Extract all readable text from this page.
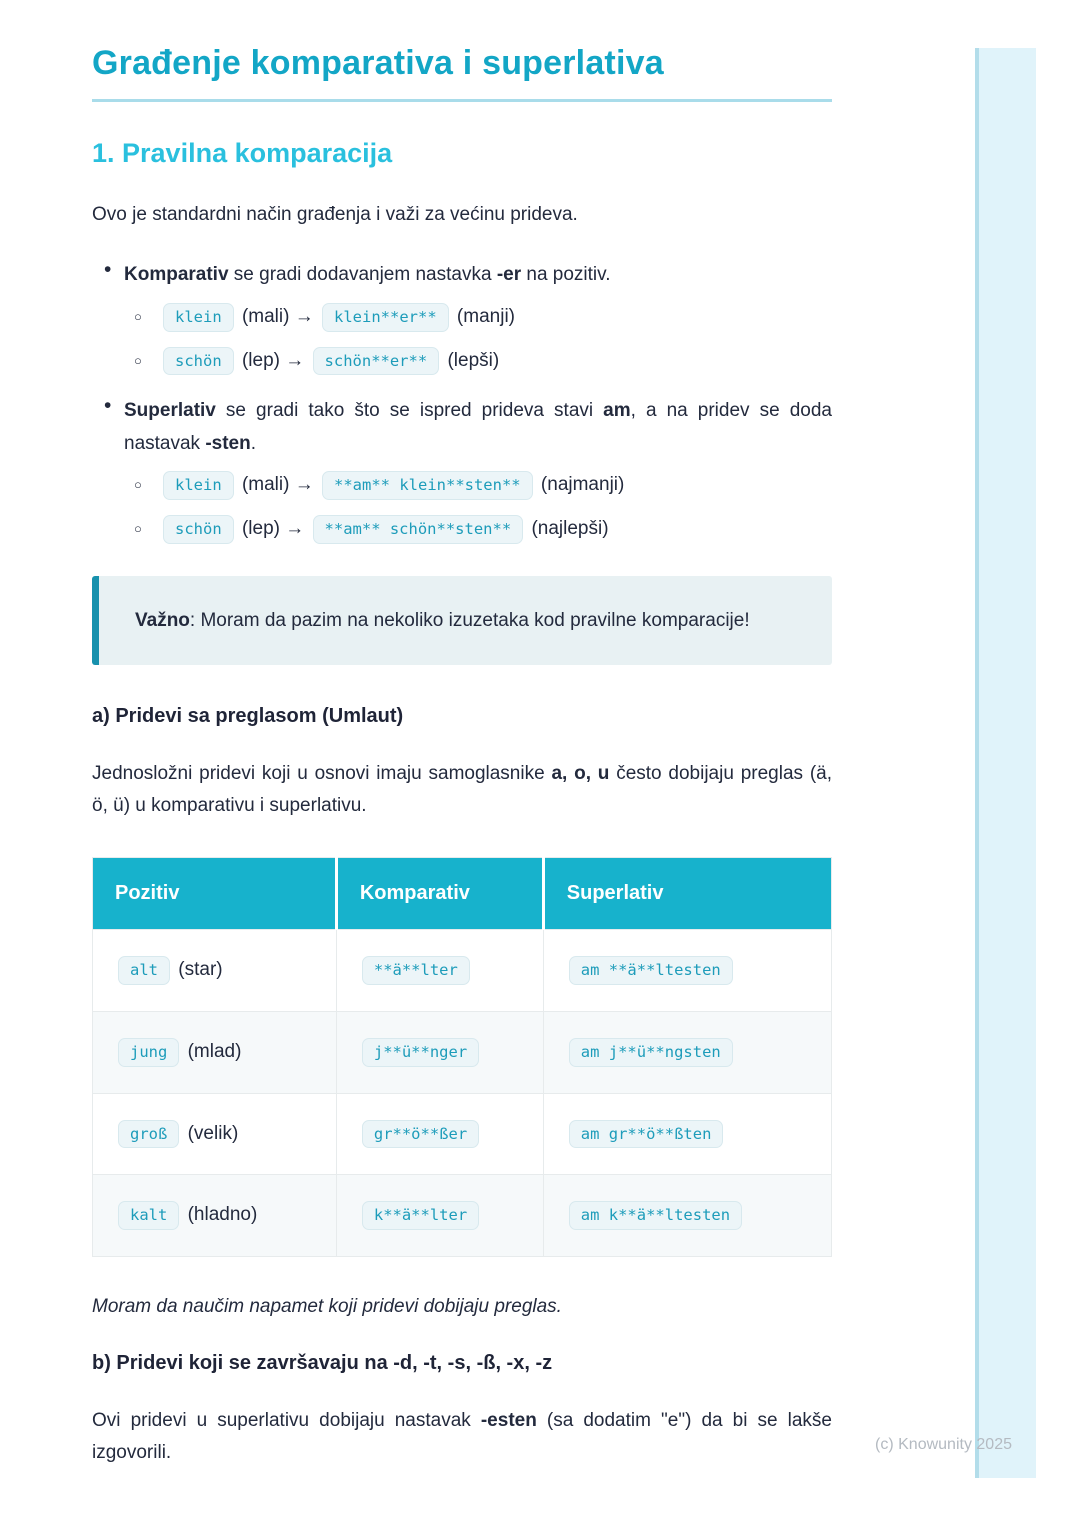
Građenje komparativa i superlativa
1. Pravilna komparacija

Ovo je standardni način građenja i važi za većinu prideva.

• Komparativ se gradi dodavanjem nastavka -er na pozitiv.
○ klein (mali) → klein**er** (manji)
○ schön (lep) → schön**er** (lepši)
• Superlativ se gradi tako što se ispred prideva stavi am, a na pridev se doda nastavak -sten.
○ klein (mali) → **am** klein**sten** (najmanji)
○ schön (lep) → **am** schön**sten** (najlepši)
Važno: Moram da pazim na nekoliko izuzetaka kod pravilne komparacije!
a) Pridevi sa preglasom (Umlaut)

Jednosložni pridevi koji u osnovi imaju samoglasnike a, o, u često dobijaju preglas (ä, ö, ü) u komparativu i superlativu.

Pozitiv	Komparativ	Superlativ
alt (star)	**ä**lter	am **ä**ltesten
jung (mlad)	j**ü**nger	am j**ü**ngsten
groß (velik)	gr**ö**ßer	am gr**ö**ßten
kalt (hladno)	k**ä**lter	am k**ä**ltesten

Moram da naučim napamet koji pridevi dobijaju preglas.

b) Pridevi koji se završavaju na -d, -t, -s, -ß, -x, -z

Ovi pridevi u superlativu dobijaju nastavak -esten (sa dodatim "e") da bi se lakše izgovorili.	(c) Knowunity 2025
